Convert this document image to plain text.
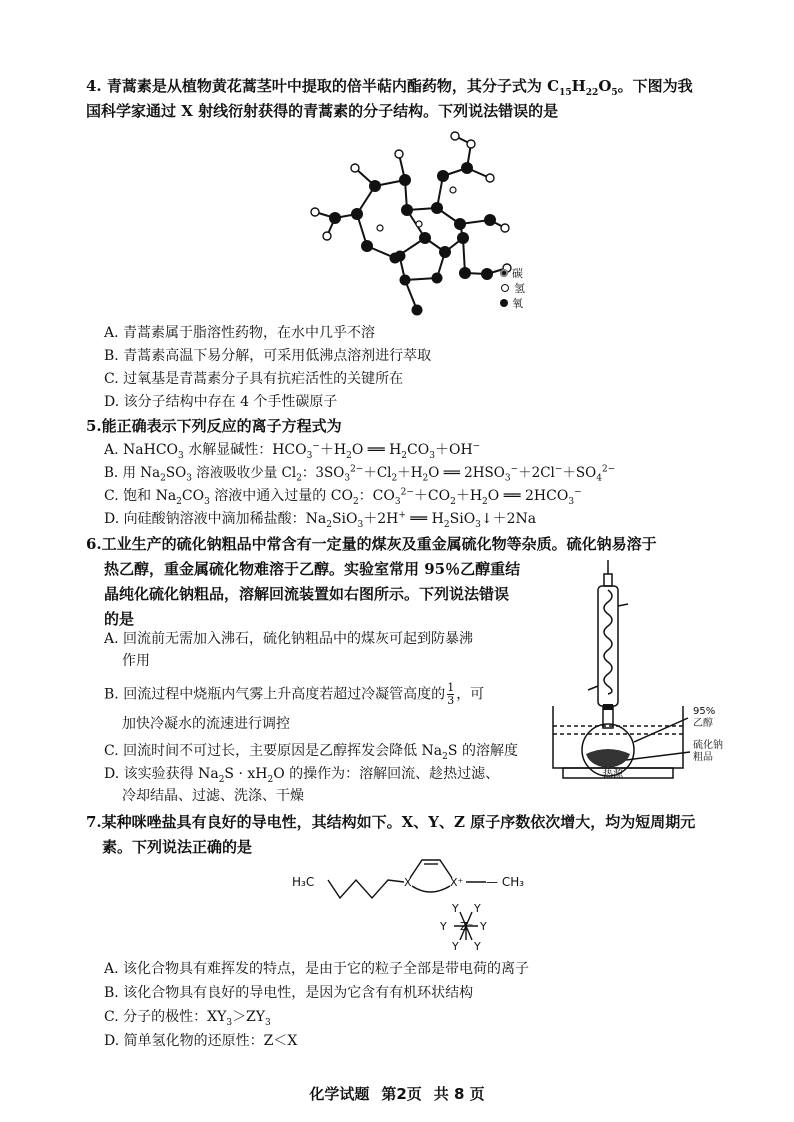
4. 青蒿素是从植物黄花蒿茎叶中提取的倍半萜内酯药物，其分子式为 $C_{15}H_{22}O_5$。下图为我
国科学家通过 X 射线衍射获得的青蒿素的分子结构。下列说法错误的是
碳
氢
氧
A. 青蒿素属于脂溶性药物，在水中几乎不溶
B. 青蒿素高温下易分解，可采用低沸点溶剂进行萃取
C. 过氧基是青蒿素分子具有抗疟活性的关键所在
D. 该分子结构中存在 4 个手性碳原子
5.能正确表示下列反应的离子方程式为
A. NaHCO$_3$ 水解显碱性：$HCO_3^-+H_2O$ ══ $H_2CO_3+OH^-$
B. 用 $Na_2SO_3$ 溶液吸收少量 $Cl_2$：$3SO_3^{2-}+Cl_2+H_2O$ ══ $2HSO_3^-+2Cl^-+SO_4^{2-}$
C. 饱和 $Na_2CO_3$ 溶液中通入过量的 $CO_2$：$CO_3^{2-}+CO_2+H_2O$ ══ $2HCO_3^-$
D. 向硅酸钠溶液中滴加稀盐酸：$Na_2SiO_3+2H^+$ ══ $H_2SiO_3↓+2Na$
6.工业生产的硫化钠粗品中常含有一定量的煤灰及重金属硫化物等杂质。硫化钠易溶于
热乙醇，重金属硫化物难溶于乙醇。实验室常用 95％乙醇重结
晶纯化硫化钠粗品，溶解回流装置如右图所示。下列说法错误
的是
A. 回流前无需加入沸石，硫化钠粗品中的煤灰可起到防暴沸
作用
B. 回流过程中烧瓶内气雾上升高度若超过冷凝管高度的 $\frac{1}{3}$ ，可
加快冷凝水的流速进行调控
C. 回流时间不可过长，主要原因是乙醇挥发会降低 $Na_2S$ 的溶解度
D. 该实验获得 $Na_2S \cdot xH_2O$ 的操作为：溶解回流、趁热过滤、
冷却结晶、过滤、洗涤、干燥
95%
乙醇
硫化钠
粗品
热源
7.某种咪唑盐具有良好的导电性，其结构如下。X、Y、Z 原子序数依次增大，均为短周期元
素。下列说法正确的是
H₃C	X	X⁺ — CH₃
Y Y
Y Z⁻ Y
Y Y
A. 该化合物具有难挥发的特点，是由于它的粒子全部是带电荷的离子
B. 该化合物具有良好的导电性，是因为它含有有机环状结构
C. 分子的极性：$XY_3>ZY_3$
D. 简单氢化物的还原性：Z＜X
化学试题 第2页 共 8 页
